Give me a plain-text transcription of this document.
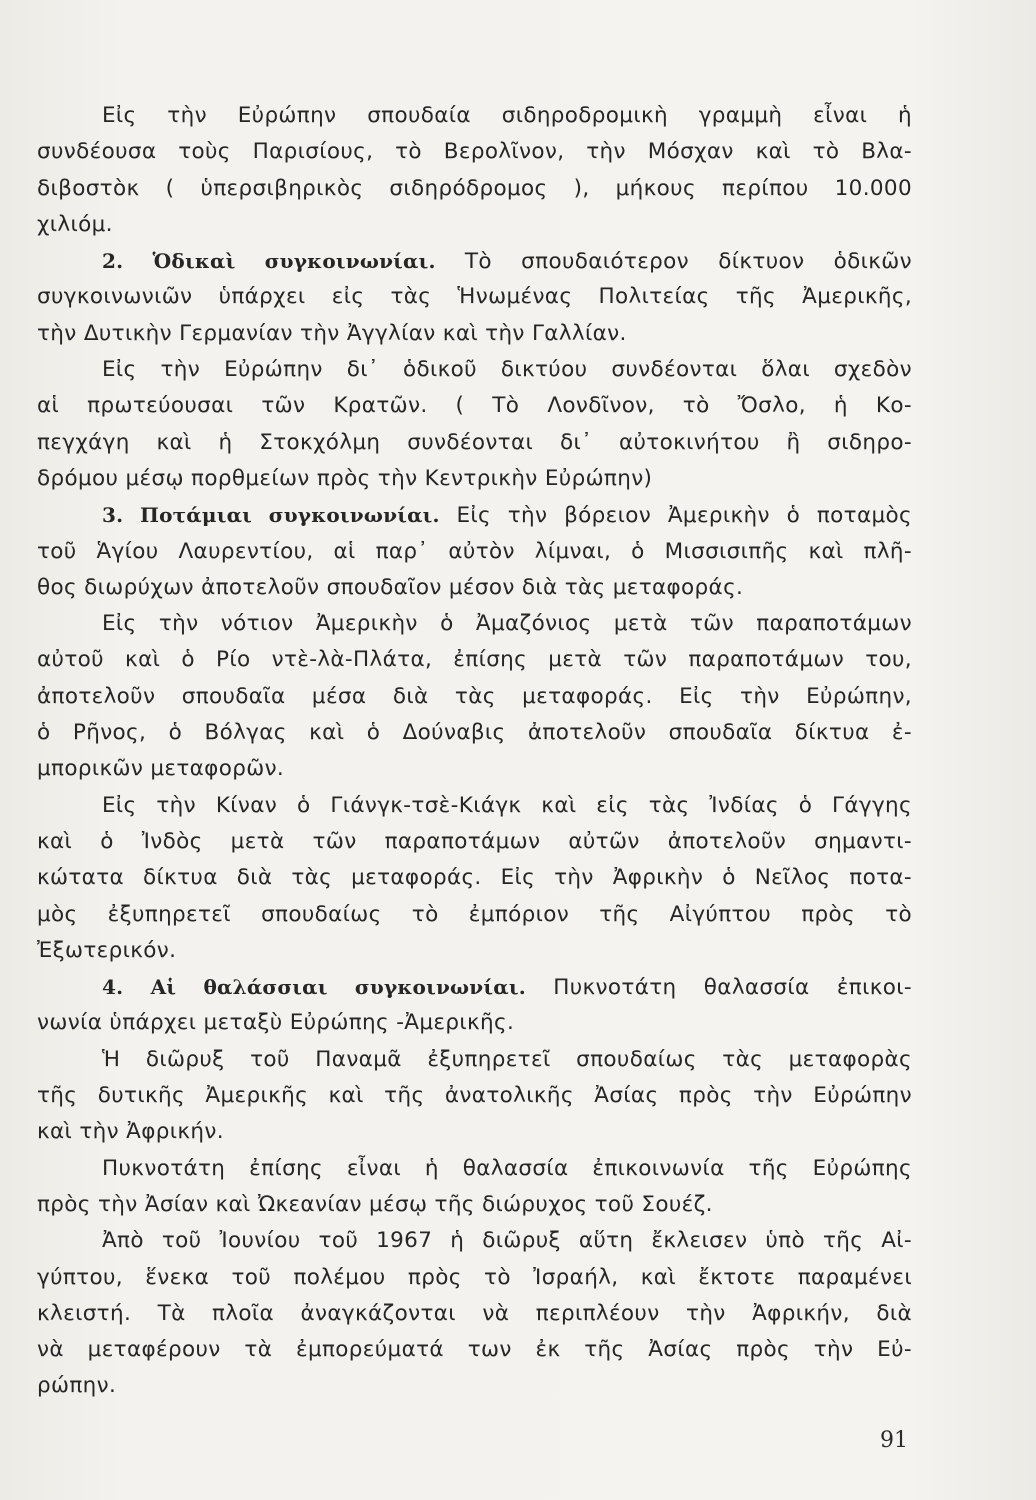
Εἰς τὴν Εὐρώπην σπουδαία σιδηροδρομικὴ γραμμὴ εἶναι ἡ
συνδέουσα τοὺς Παρισίους, τὸ Βερολῖνον, τὴν Μόσχαν καὶ τὸ Βλα-
διβοστὸκ ( ὑπερσιβηρικὸς σιδηρόδρομος ), μήκους περίπου 10.000
χιλιόμ.
2. Ὁδικαὶ συγκοινωνίαι. Τὸ σπουδαιότερον δίκτυον ὁδικῶν
συγκοινωνιῶν ὑπάρχει εἰς τὰς Ἡνωμένας Πολιτείας τῆς Ἀμερικῆς,
τὴν Δυτικὴν Γερμανίαν τὴν Ἀγγλίαν καὶ τὴν Γαλλίαν.
Εἰς τὴν Εὐρώπην δι᾽ ὁδικοῦ δικτύου συνδέονται ὅλαι σχεδὸν
αἱ πρωτεύουσαι τῶν Κρατῶν. ( Τὸ Λονδῖνον, τὸ Ὄσλο, ἡ Κο-
πεγχάγη καὶ ἡ Στοκχόλμη συνδέονται δι᾽ αὐτοκινήτου ἢ σιδηρο-
δρόμου μέσῳ πορθμείων πρὸς τὴν Κεντρικὴν Εὐρώπην)
3. Ποτάμιαι συγκοινωνίαι. Εἰς τὴν βόρειον Ἀμερικὴν ὁ ποταμὸς
τοῦ Ἁγίου Λαυρεντίου, αἱ παρ᾽ αὐτὸν λίμναι, ὁ Μισσισιπῆς καὶ πλῆ-
θος διωρύχων ἀποτελοῦν σπουδαῖον μέσον διὰ τὰς μεταφοράς.
Εἰς τὴν νότιον Ἀμερικὴν ὁ Ἀμαζόνιος μετὰ τῶν παραποτάμων
αὐτοῦ καὶ ὁ Ρίο ντὲ-λὰ-Πλάτα, ἐπίσης μετὰ τῶν παραποτάμων του,
ἀποτελοῦν σπουδαῖα μέσα διὰ τὰς μεταφοράς. Εἰς τὴν Εὐρώπην,
ὁ Ρῆνος, ὁ Βόλγας καὶ ὁ Δούναβις ἀποτελοῦν σπουδαῖα δίκτυα ἐ-
μπορικῶν μεταφορῶν.
Εἰς τὴν Κίναν ὁ Γιάνγκ-τσὲ-Κιάγκ καὶ εἰς τὰς Ἰνδίας ὁ Γάγγης
καὶ ὁ Ἰνδὸς μετὰ τῶν παραποτάμων αὐτῶν ἀποτελοῦν σημαντι-
κώτατα δίκτυα διὰ τὰς μεταφοράς. Εἰς τὴν Ἀφρικὴν ὁ Νεῖλος ποτα-
μὸς ἐξυπηρετεῖ σπουδαίως τὸ ἐμπόριον τῆς Αἰγύπτου πρὸς τὸ
Ἐξωτερικόν.
4. Αἱ θαλάσσιαι συγκοινωνίαι. Πυκνοτάτη θαλασσία ἐπικοι-
νωνία ὑπάρχει μεταξὺ Εὐρώπης -Ἀμερικῆς.
Ἡ διῶρυξ τοῦ Παναμᾶ ἐξυπηρετεῖ σπουδαίως τὰς μεταφορὰς
τῆς δυτικῆς Ἀμερικῆς καὶ τῆς ἀνατολικῆς Ἀσίας πρὸς τὴν Εὐρώπην
καὶ τὴν Ἀφρικήν.
Πυκνοτάτη ἐπίσης εἶναι ἡ θαλασσία ἐπικοινωνία τῆς Εὐρώπης
πρὸς τὴν Ἀσίαν καὶ Ὠκεανίαν μέσῳ τῆς διώρυχος τοῦ Σουέζ.
Ἀπὸ τοῦ Ἰουνίου τοῦ 1967 ἡ διῶρυξ αὕτη ἔκλεισεν ὑπὸ τῆς Αἰ-
γύπτου, ἕνεκα τοῦ πολέμου πρὸς τὸ Ἰσραήλ, καὶ ἔκτοτε παραμένει
κλειστή. Τὰ πλοῖα ἀναγκάζονται νὰ περιπλέουν τὴν Ἀφρικήν, διὰ
νὰ μεταφέρουν τὰ ἐμπορεύματά των ἐκ τῆς Ἀσίας πρὸς τὴν Εὐ-
ρώπην.
91
